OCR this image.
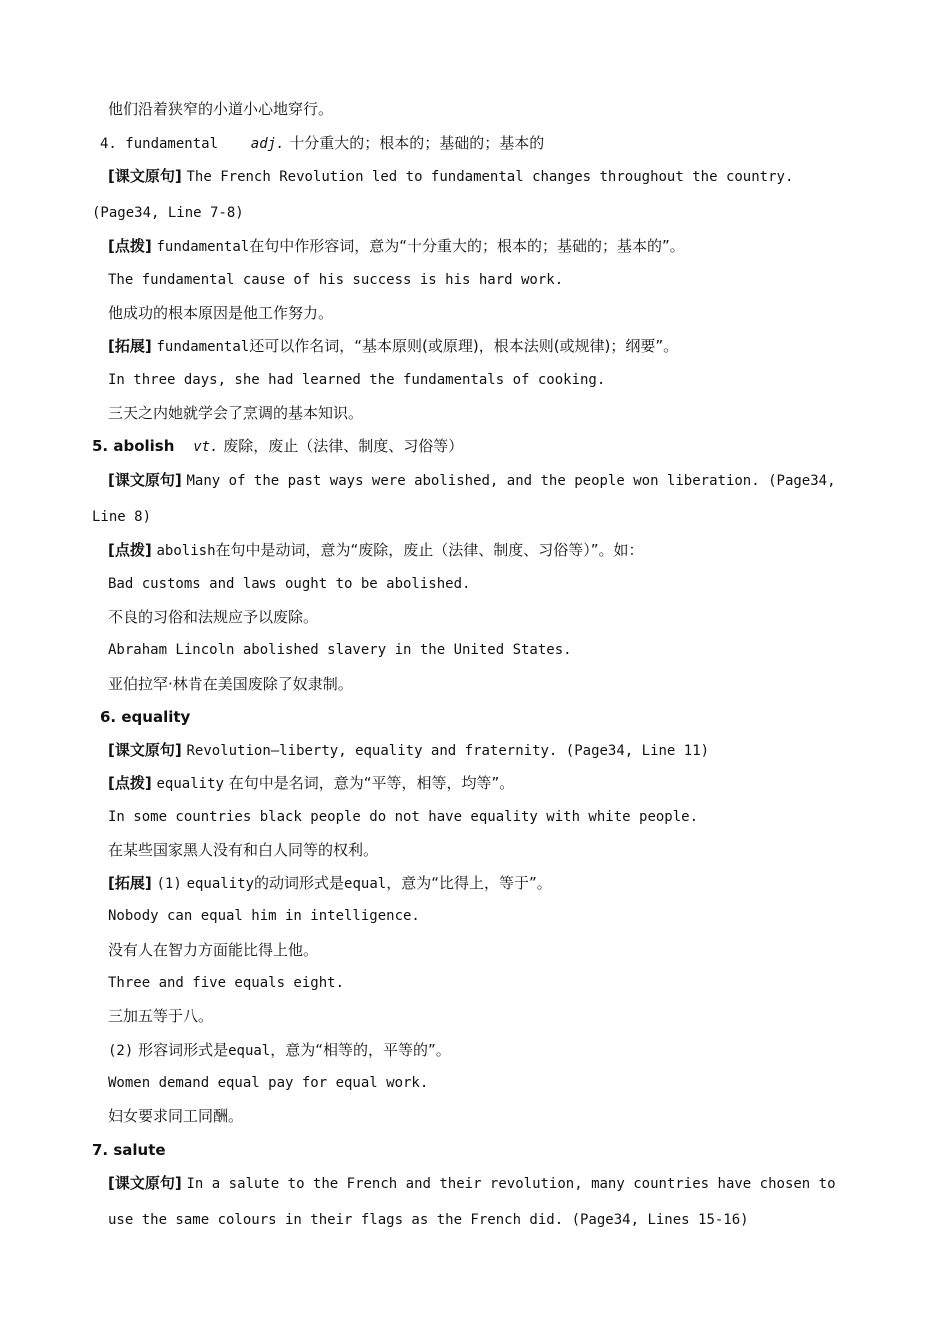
他们沿着狭窄的小道小心地穿行。
4. fundamental adj. 十分重大的；根本的；基础的；基本的
[课文原句] The French Revolution led to fundamental changes throughout the country.
(Page34, Line 7-8)
[点拨] fundamental在句中作形容词，意为“十分重大的；根本的；基础的；基本的”。
The fundamental cause of his success is his hard work.
他成功的根本原因是他工作努力。
[拓展] fundamental还可以作名词，“基本原则(或原理)，根本法则(或规律)；纲要”。
In three days, she had learned the fundamentals of cooking.
三天之内她就学会了烹调的基本知识。
5. abolish vt. 废除，废止（法律、制度、习俗等）
[课文原句] Many of the past ways were abolished, and the people won liberation. (Page34,
Line 8)
[点拨] abolish在句中是动词，意为“废除，废止（法律、制度、习俗等）”。如：
Bad customs and laws ought to be abolished.
不良的习俗和法规应予以废除。
Abraham Lincoln abolished slavery in the United States.
亚伯拉罕·林肯在美国废除了奴隶制。
6. equality
[课文原句] Revolution—liberty, equality and fraternity. (Page34, Line 11)
[点拨] equality 在句中是名词，意为“平等，相等，均等”。
In some countries black people do not have equality with white people.
在某些国家黑人没有和白人同等的权利。
[拓展] (1) equality的动词形式是equal，意为“比得上，等于”。
Nobody can equal him in intelligence.
没有人在智力方面能比得上他。
Three and five equals eight.
三加五等于八。
(2) 形容词形式是equal，意为“相等的，平等的”。
Women demand equal pay for equal work.
妇女要求同工同酬。
7. salute
[课文原句] In a salute to the French and their revolution, many countries have chosen to
use the same colours in their flags as the French did. (Page34, Lines 15-16)
